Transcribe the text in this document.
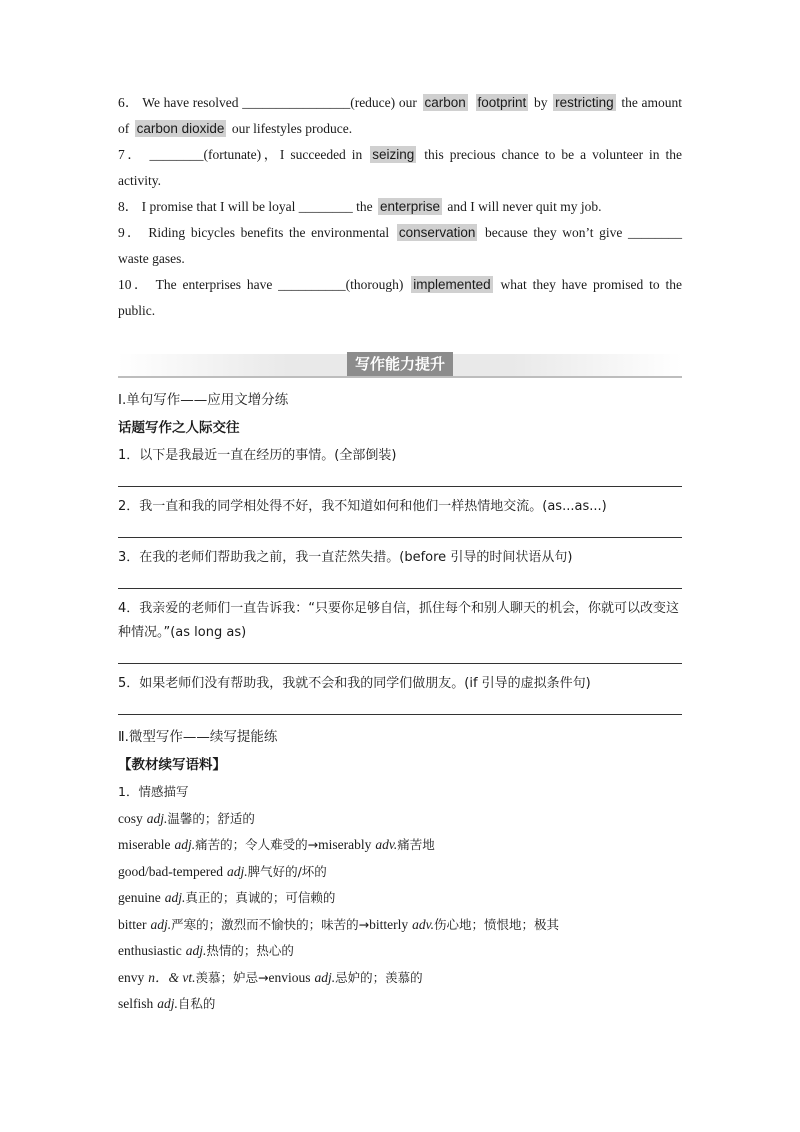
6． We have resolved ________________(reduce) our carbon footprint by restricting the amount of carbon dioxide our lifestyles produce.
7． ________(fortunate)，I succeeded in seizing this precious chance to be a volunteer in the activity.
8． I promise that I will be loyal ________ the enterprise and I will never quit my job.
9． Riding bicycles benefits the environmental conservation because they won’t give ________ waste gases.
10． The enterprises have __________(thorough) implemented what they have promised to the public.
写作能力提升
Ⅰ.单句写作——应用文增分练
话题写作之人际交往
1．以下是我最近一直在经历的事情。(全部倒装)
2．我一直和我的同学相处得不好，我不知道如何和他们一样热情地交流。(as...as...)
3．在我的老师们帮助我之前，我一直茫然失措。(before 引导的时间状语从句)
4．我亲爱的老师们一直告诉我：“只要你足够自信，抓住每个和别人聊天的机会，你就可以改变这种情况。”(as long as)
5．如果老师们没有帮助我，我就不会和我的同学们做朋友。(if 引导的虚拟条件句)
Ⅱ.微型写作——续写提能练
【教材续写语料】
1．情感描写
cosy adj.温馨的；舒适的
miserable adj.痛苦的；令人难受的→miserably adv.痛苦地
good/bad-tempered adj.脾气好的/坏的
genuine adj.真正的；真诚的；可信赖的
bitter adj.严寒的；激烈而不愉快的；味苦的→bitterly adv.伤心地；愤恨地；极其
enthusiastic adj.热情的；热心的
envy n．& vt.羡慕；妒忌→envious adj.忌妒的；羡慕的
selfish adj.自私的
